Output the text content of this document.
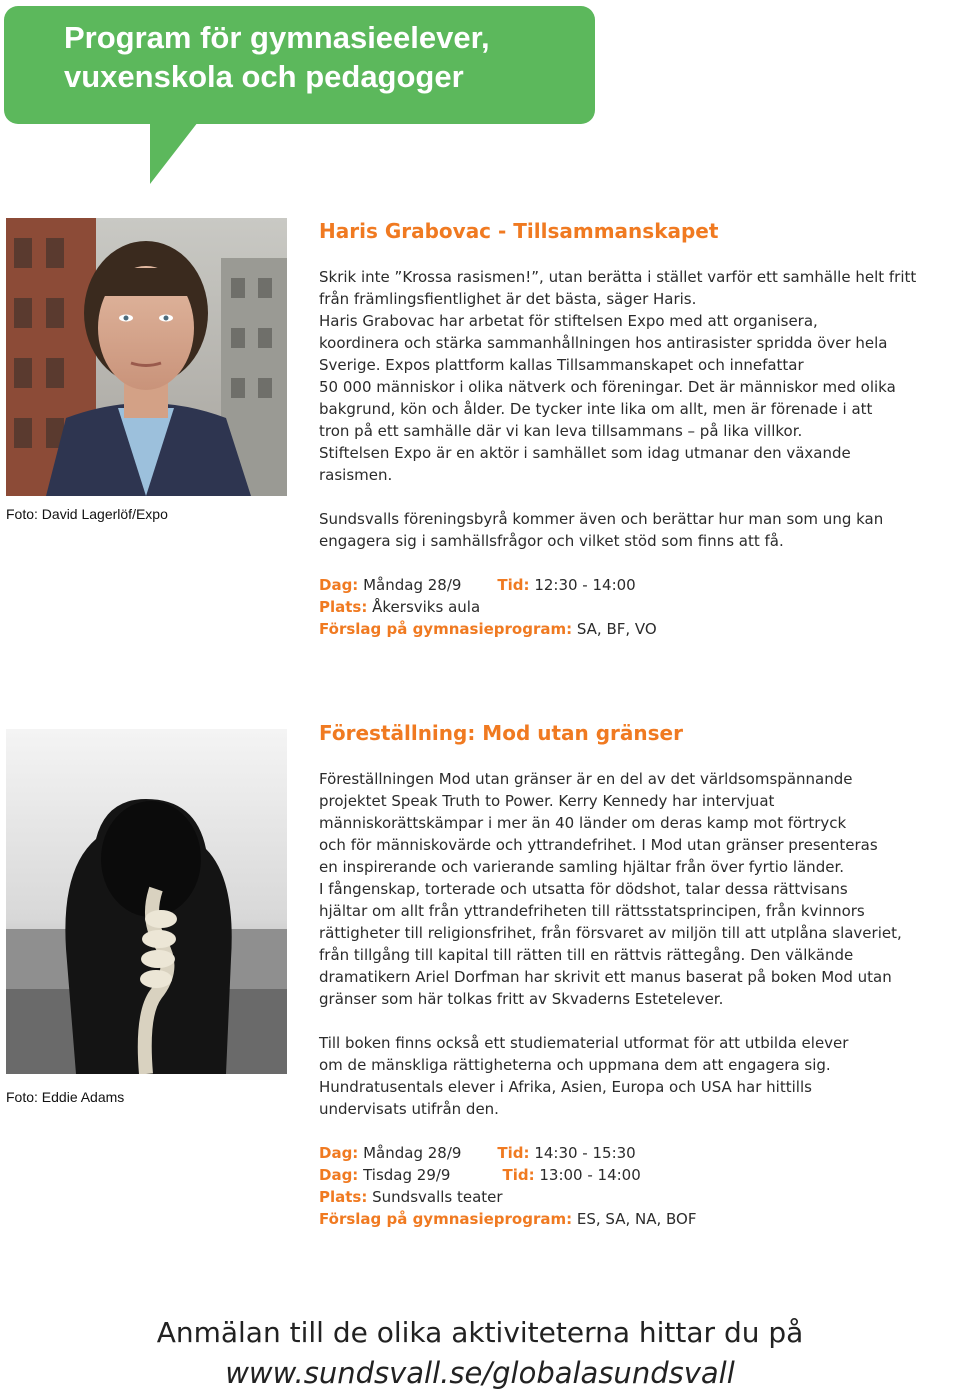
Program för gymnasieelever,
vuxenskola och pedagoger

Foto: David Lagerlöf/Expo

Haris Grabovac - Tillsammanskapet

Skrik inte ”Krossa rasismen!”, utan berätta i stället varför ett samhälle helt fritt
från främlingsfientlighet är det bästa, säger Haris.
Haris Grabovac har arbetat för stiftelsen Expo med att organisera,
koordinera och stärka sammanhållningen hos antirasister spridda över hela
Sverige. Expos plattform kallas Tillsammanskapet och innefattar
50 000 människor i olika nätverk och föreningar. Det är människor med olika
bakgrund, kön och ålder. De tycker inte lika om allt, men är förenade i att
tron på ett samhälle där vi kan leva tillsammans – på lika villkor.
Stiftelsen Expo är en aktör i samhället som idag utmanar den växande
rasismen.

Sundsvalls föreningsbyrå kommer även och berättar hur man som ung kan
engagera sig i samhällsfrågor och vilket stöd som finns att få.

Dag: Måndag 28/9 Tid: 12:30 - 14:00

Plats: Åkersviks aula

Förslag på gymnasieprogram: SA, BF, VO

Foto: Eddie Adams

Föreställning: Mod utan gränser

Föreställningen Mod utan gränser är en del av det världsomspännande
projektet Speak Truth to Power. Kerry Kennedy har intervjuat
människorättskämpar i mer än 40 länder om deras kamp mot förtryck
och för människovärde och yttrandefrihet. I Mod utan gränser presenteras
en inspirerande och varierande samling hjältar från över fyrtio länder.
I fångenskap, torterade och utsatta för dödshot, talar dessa rättvisans
hjältar om allt från yttrandefriheten till rättsstatsprincipen, från kvinnors
rättigheter till religionsfrihet, från försvaret av miljön till att utplåna slaveriet,
från tillgång till kapital till rätten till en rättvis rättegång. Den välkände
dramatikern Ariel Dorfman har skrivit ett manus baserat på boken Mod utan
gränser som här tolkas fritt av Skvaderns Estetelever.

Till boken finns också ett studiematerial utformat för att utbilda elever
om de mänskliga rättigheterna och uppmana dem att engagera sig.
Hundratusentals elever i Afrika, Asien, Europa och USA har hittills
undervisats utifrån den.

Dag: Måndag 28/9 Tid: 14:30 - 15:30

Dag: Tisdag 29/9	Tid: 13:00 - 14:00

Plats: Sundsvalls teater

Förslag på gymnasieprogram: ES, SA, NA, BOF

Anmälan till de olika aktiviteterna hittar du på

www.sundsvall.se/globalasundsvall
